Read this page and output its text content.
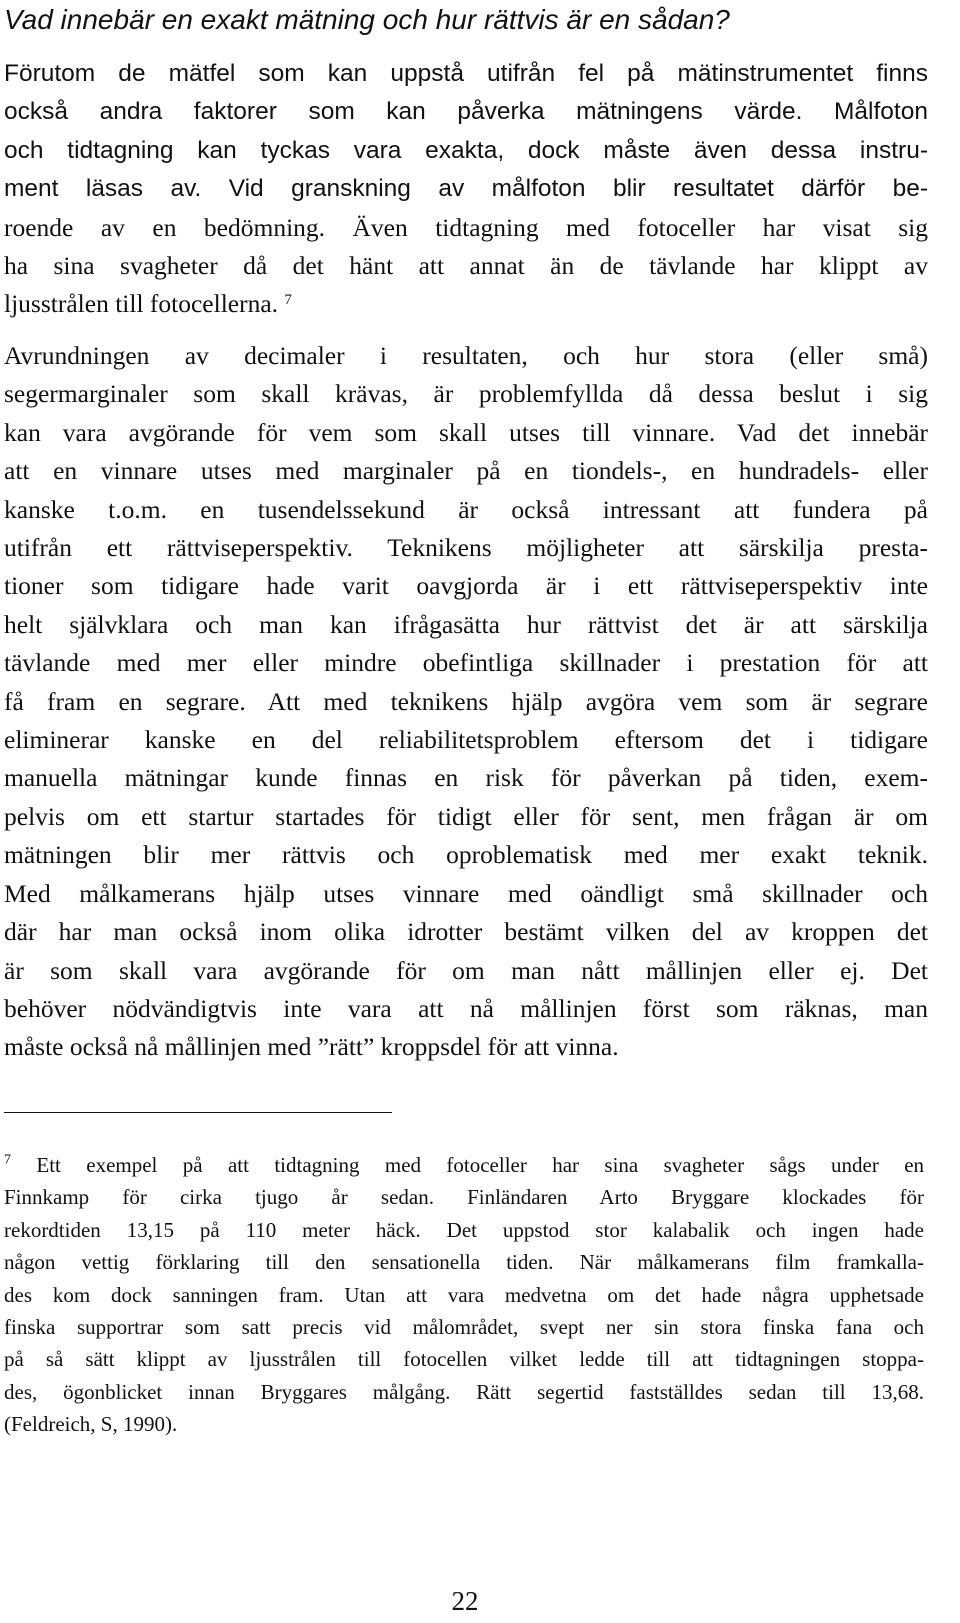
Vad innebär en exakt mätning och hur rättvis är en sådan?

Förutom de mätfel som kan uppstå utifrån fel på mätinstrumentet finns
också andra faktorer som kan påverka mätningens värde. Målfoton
och tidtagning kan tyckas vara exakta, dock måste även dessa instru-
ment läsas av. Vid granskning av målfoton blir resultatet därför be-
roende av en bedömning. Även tidtagning med fotoceller har visat sig
ha sina svagheter då det hänt att annat än de tävlande har klippt av
ljusstrålen till fotocellerna. $^7$

Avrundningen av decimaler i resultaten, och hur stora (eller små)
segermarginaler som skall krävas, är problemfyllda då dessa beslut i sig
kan vara avgörande för vem som skall utses till vinnare. Vad det innebär
att en vinnare utses med marginaler på en tiondels-, en hundradels- eller
kanske t.o.m. en tusendelssekund är också intressant att fundera på
utifrån ett rättviseperspektiv. Teknikens möjligheter att särskilja presta-
tioner som tidigare hade varit oavgjorda är i ett rättviseperspektiv inte
helt självklara och man kan ifrågasätta hur rättvist det är att särskilja
tävlande med mer eller mindre obefintliga skillnader i prestation för att
få fram en segrare. Att med teknikens hjälp avgöra vem som är segrare
eliminerar kanske en del reliabilitetsproblem eftersom det i tidigare
manuella mätningar kunde finnas en risk för påverkan på tiden, exem-
pelvis om ett startur startades för tidigt eller för sent, men frågan är om
mätningen blir mer rättvis och oproblematisk med mer exakt teknik.
Med målkamerans hjälp utses vinnare med oändligt små skillnader och
där har man också inom olika idrotter bestämt vilken del av kroppen det
är som skall vara avgörande för om man nått mållinjen eller ej. Det
behöver nödvändigtvis inte vara att nå mållinjen först som räknas, man
måste också nå mållinjen med ”rätt” kroppsdel för att vinna.

$^7$ Ett exempel på att tidtagning med fotoceller har sina svagheter sågs under en
Finnkamp för cirka tjugo år sedan. Finländaren Arto Bryggare klockades för
rekordtiden 13,15 på 110 meter häck. Det uppstod stor kalabalik och ingen hade
någon vettig förklaring till den sensationella tiden. När målkamerans film framkalla-
des kom dock sanningen fram. Utan att vara medvetna om det hade några upphetsade
finska supportrar som satt precis vid målområdet, svept ner sin stora finska fana och
på så sätt klippt av ljusstrålen till fotocellen vilket ledde till att tidtagningen stoppa-
des, ögonblicket innan Bryggares målgång. Rätt segertid fastställdes sedan till 13,68.
(Feldreich, S, 1990).
22
